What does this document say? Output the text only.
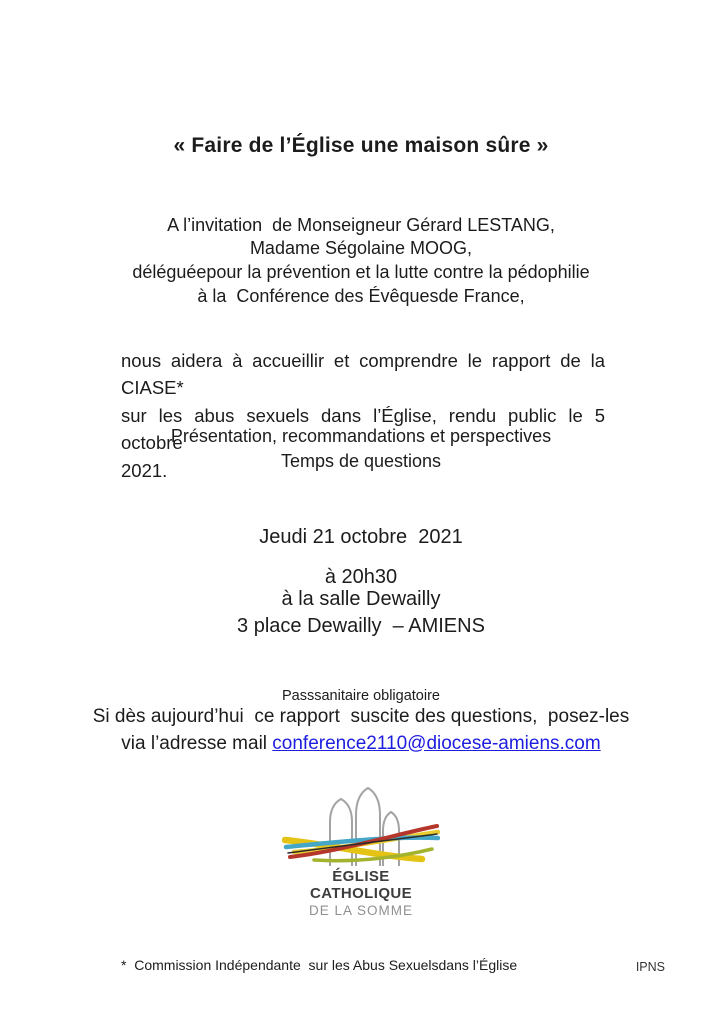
« Faire de l’Église une maison sûre »

A l’invitation  de Monseigneur Gérard LESTANG,

Madame Ségolaine MOOG,
déléguéepour la prévention et la lutte contre la pédophilie
à la  Conférence des Évêquesde France,

nous aidera à accueillir et comprendre le rapport de la CIASE*
sur les abus sexuels dans l’Église, rendu public le 5 octobre
2021.

Présentation, recommandations et perspectives
Temps de questions

Jeudi 21 octobre  2021

à 20h30

à la salle Dewailly
3 place Dewailly  – AMIENS

Passsanitaire obligatoire

Si dès aujourd’hui  ce rapport  suscite des questions,  posez-les
via l’adresse mail conference2110@diocese-amiens.com
ÉGLISE CATHOLIQUE
DE LA SOMME

*  Commission Indépendante  sur les Abus Sexuelsdans l’Église	IPNS
